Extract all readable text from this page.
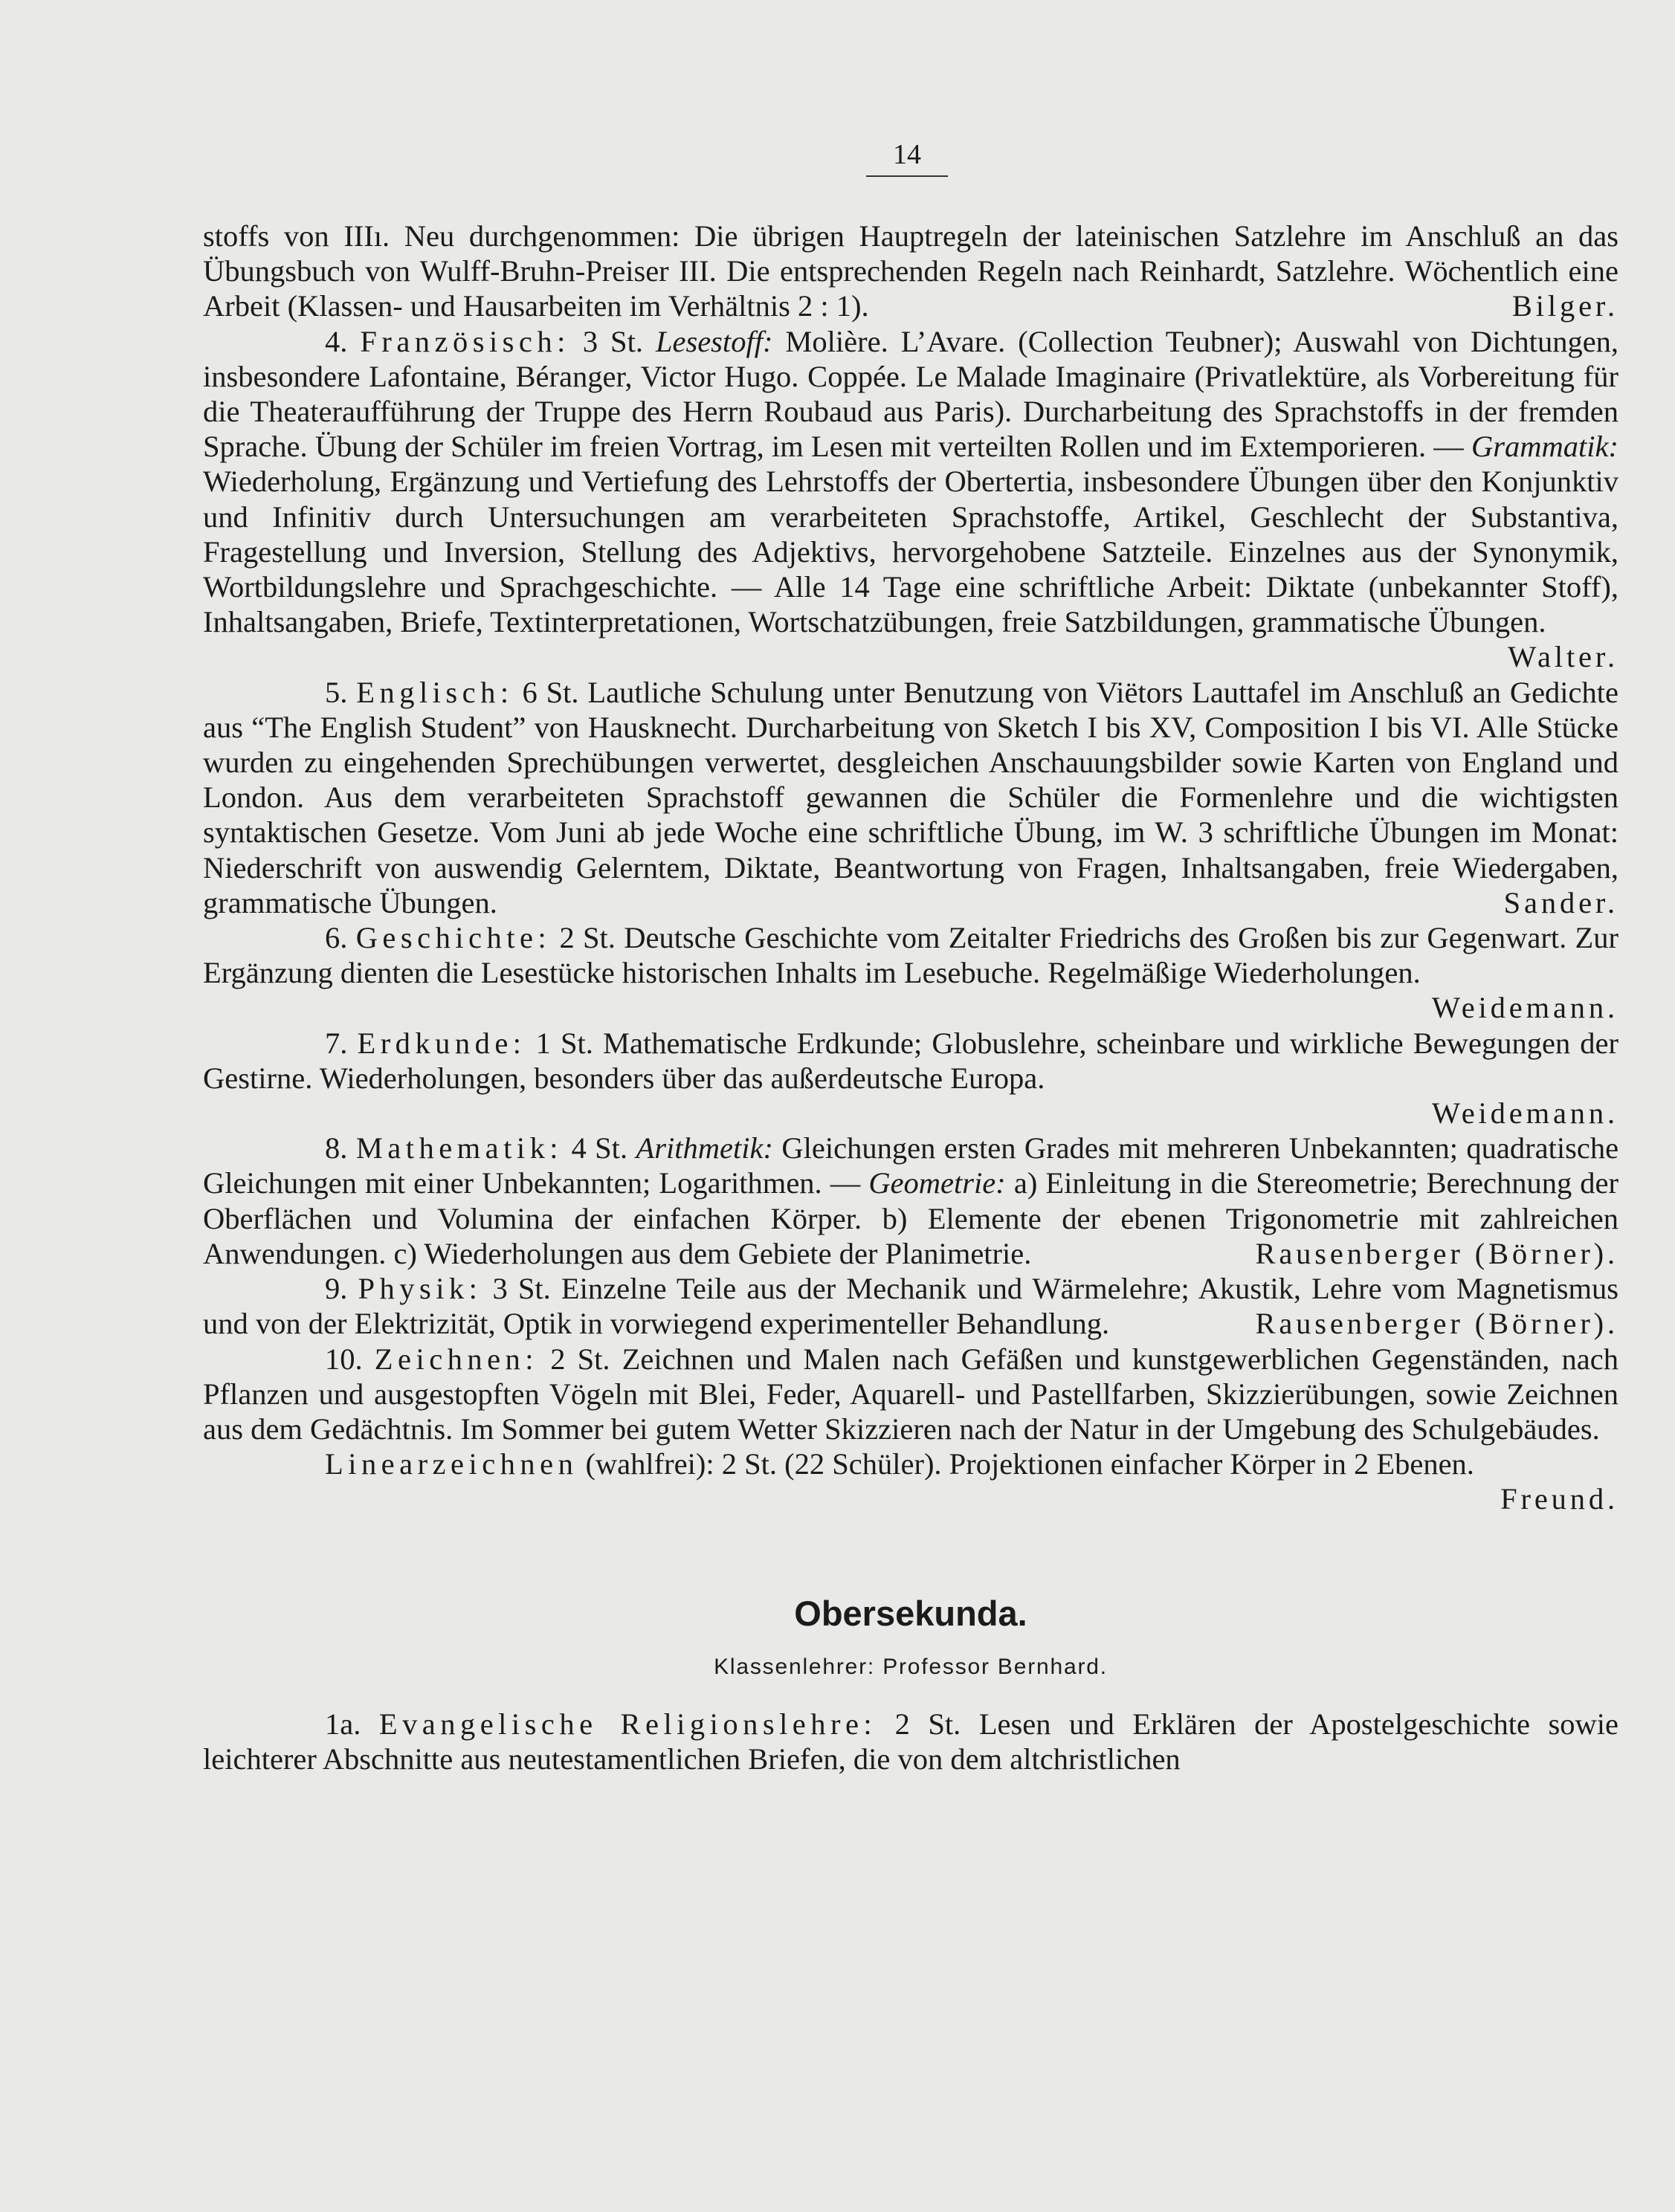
14

stoffs von IIIı. Neu durchgenommen: Die übrigen Hauptregeln der lateinischen Satzlehre im Anschluß an das Übungsbuch von Wulff-Bruhn-Preiser III. Die entsprechenden Regeln nach Reinhardt, Satzlehre. Wöchentlich eine Arbeit (Klassen- und Hausarbeiten im Verhältnis 2 : 1).	Bilger.

4. Französisch: 3 St. Lesestoff: Molière. L’Avare. (Collection Teubner); Auswahl von Dichtungen, insbesondere Lafontaine, Béranger, Victor Hugo. Coppée. Le Malade Imaginaire (Privatlektüre, als Vorbereitung für die Theateraufführung der Truppe des Herrn Roubaud aus Paris). Durcharbeitung des Sprachstoffs in der fremden Sprache. Übung der Schüler im freien Vortrag, im Lesen mit verteilten Rollen und im Extemporieren. — Grammatik: Wiederholung, Ergänzung und Vertiefung des Lehrstoffs der Obertertia, insbesondere Übungen über den Konjunktiv und Infinitiv durch Untersuchungen am verarbeiteten Sprachstoffe, Artikel, Geschlecht der Substantiva, Fragestellung und Inversion, Stellung des Adjektivs, hervorgehobene Satzteile. Einzelnes aus der Synonymik, Wortbildungslehre und Sprachgeschichte. — Alle 14 Tage eine schriftliche Arbeit: Diktate (unbekannter Stoff), Inhaltsangaben, Briefe, Textinterpretationen, Wortschatzübungen, freie Satzbildungen, grammatische Übungen.
Walter.

5. Englisch: 6 St. Lautliche Schulung unter Benutzung von Viëtors Lauttafel im Anschluß an Gedichte aus “The English Student” von Hausknecht. Durcharbeitung von Sketch I bis XV, Composition I bis VI. Alle Stücke wurden zu eingehenden Sprechübungen verwertet, desgleichen Anschauungsbilder sowie Karten von England und London. Aus dem verarbeiteten Sprachstoff gewannen die Schüler die Formenlehre und die wichtigsten syntaktischen Gesetze. Vom Juni ab jede Woche eine schriftliche Übung, im W. 3 schriftliche Übungen im Monat: Niederschrift von auswendig Gelerntem, Diktate, Beantwortung von Fragen, Inhaltsangaben, freie Wiedergaben, grammatische Übungen.	Sander.

6. Geschichte: 2 St. Deutsche Geschichte vom Zeitalter Friedrichs des Großen bis zur Gegenwart. Zur Ergänzung dienten die Lesestücke historischen Inhalts im Lesebuche. Regelmäßige Wiederholungen.
Weidemann.

7. Erdkunde: 1 St. Mathematische Erdkunde; Globuslehre, scheinbare und wirkliche Bewegungen der Gestirne. Wiederholungen, besonders über das außerdeutsche Europa.

Weidemann.

8. Mathematik: 4 St. Arithmetik: Gleichungen ersten Grades mit mehreren Unbekannten; quadratische Gleichungen mit einer Unbekannten; Logarithmen. — Geometrie: a) Einleitung in die Stereometrie; Berechnung der Oberflächen und Volumina der einfachen Körper. b) Elemente der ebenen Trigonometrie mit zahlreichen Anwendungen. c) Wiederholungen aus dem Gebiete der Planimetrie.	Rausenberger (Börner).

9. Physik: 3 St. Einzelne Teile aus der Mechanik und Wärmelehre; Akustik, Lehre vom Magnetismus und von der Elektrizität, Optik in vorwiegend experimenteller Behandlung.	Rausenberger (Börner).

10. Zeichnen: 2 St. Zeichnen und Malen nach Gefäßen und kunstgewerblichen Gegenständen, nach Pflanzen und ausgestopften Vögeln mit Blei, Feder, Aquarell- und Pastellfarben, Skizzierübungen, sowie Zeichnen aus dem Gedächtnis. Im Sommer bei gutem Wetter Skizzieren nach der Natur in der Umgebung des Schulgebäudes.

Linearzeichnen (wahlfrei): 2 St. (22 Schüler). Projektionen einfacher Körper in 2 Ebenen.
Freund.

Obersekunda.
Klassenlehrer: Professor Bernhard.

1a. Evangelische Religionslehre: 2 St. Lesen und Erklären der Apostelgeschichte sowie leichterer Abschnitte aus neutestamentlichen Briefen, die von dem altchristlichen
